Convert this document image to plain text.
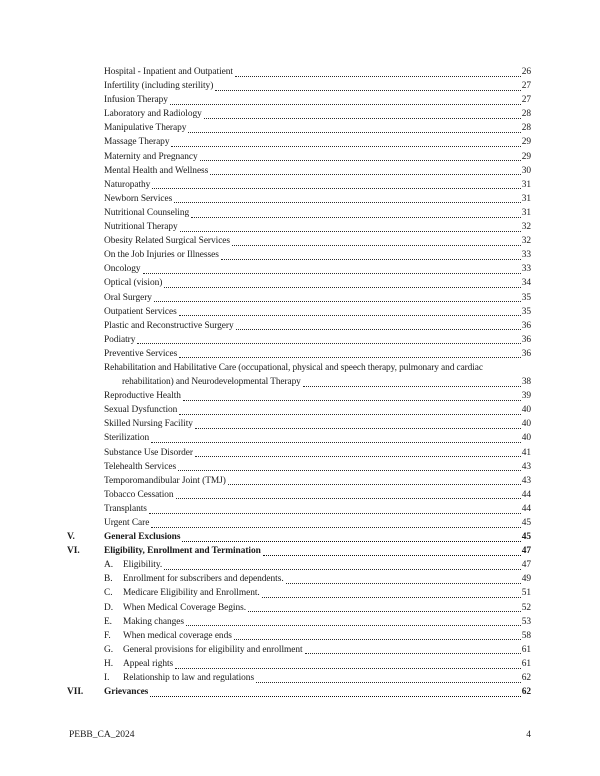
Hospital - Inpatient and Outpatient	26
Infertility (including sterility)	27
Infusion Therapy	27
Laboratory and Radiology	28
Manipulative Therapy	28
Massage Therapy	29
Maternity and Pregnancy	29
Mental Health and Wellness	30
Naturopathy	31
Newborn Services	31
Nutritional Counseling	31
Nutritional Therapy	32
Obesity Related Surgical Services	32
On the Job Injuries or Illnesses	33
Oncology	33
Optical (vision)	34
Oral Surgery	35
Outpatient Services	35
Plastic and Reconstructive Surgery	36
Podiatry	36
Preventive Services	36
Rehabilitation and Habilitative Care (occupational, physical and speech therapy, pulmonary and cardiac
rehabilitation) and Neurodevelopmental Therapy	38
Reproductive Health	39
Sexual Dysfunction	40
Skilled Nursing Facility	40
Sterilization	40
Substance Use Disorder	41
Telehealth Services	43
Temporomandibular Joint (TMJ)	43
Tobacco Cessation	44
Transplants	44
Urgent Care	45
V.	General Exclusions	45
VI.	Eligibility, Enrollment and Termination	47
A.	Eligibility.	47
B.	Enrollment for subscribers and dependents.	49
C.	Medicare Eligibility and Enrollment.	51
D.	When Medical Coverage Begins.	52
E.	Making changes	53
F.	When medical coverage ends	58
G.	General provisions for eligibility and enrollment	61
H.	Appeal rights	61
I.	Relationship to law and regulations	62
VII. Grievances	62
PEBB_CA_2024	4
